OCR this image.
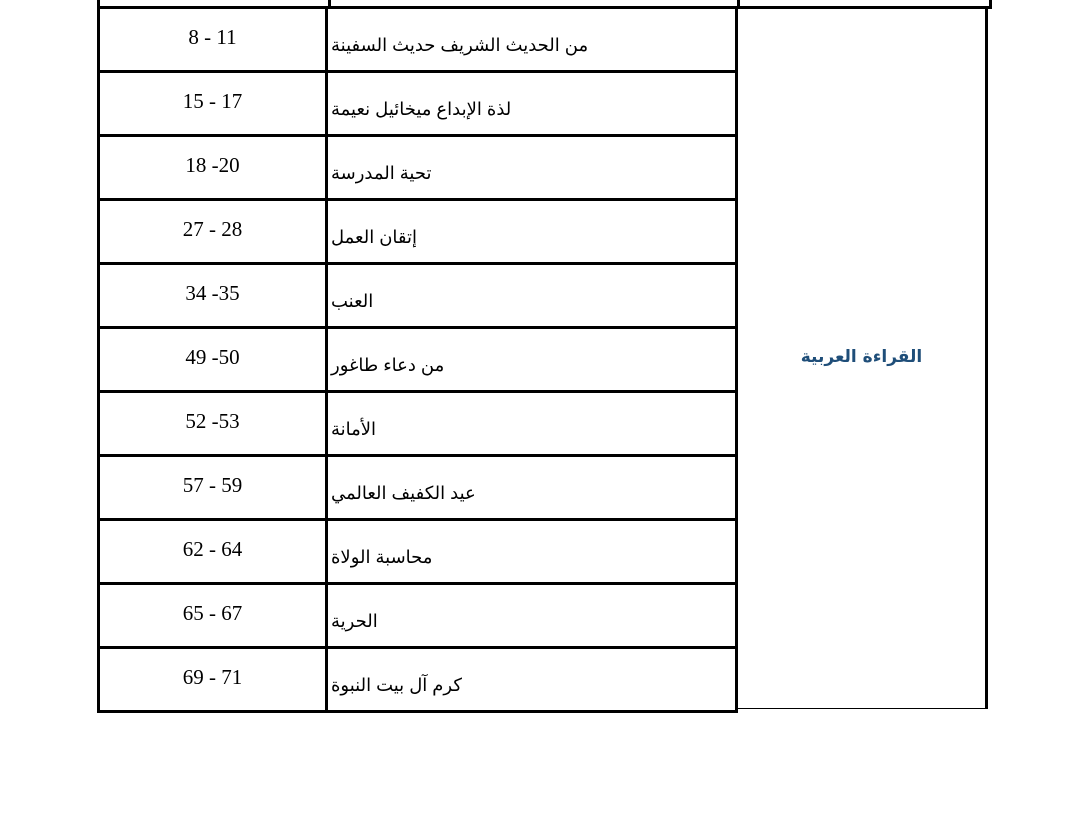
8 - 11	من الحديث الشريف حديث السفينة
15 - 17	لذة الإبداع ميخائيل نعيمة
18 -20	تحية المدرسة
27 - 28	إتقان العمل
34 -35	العنب
49 -50	من دعاء طاغور
52 -53	الأمانة
57 - 59	عيد الكفيف العالمي
62 - 64	محاسبة الولاة
65 - 67	الحرية
69 - 71	كرم آل بيت النبوة
القراءة العربية
